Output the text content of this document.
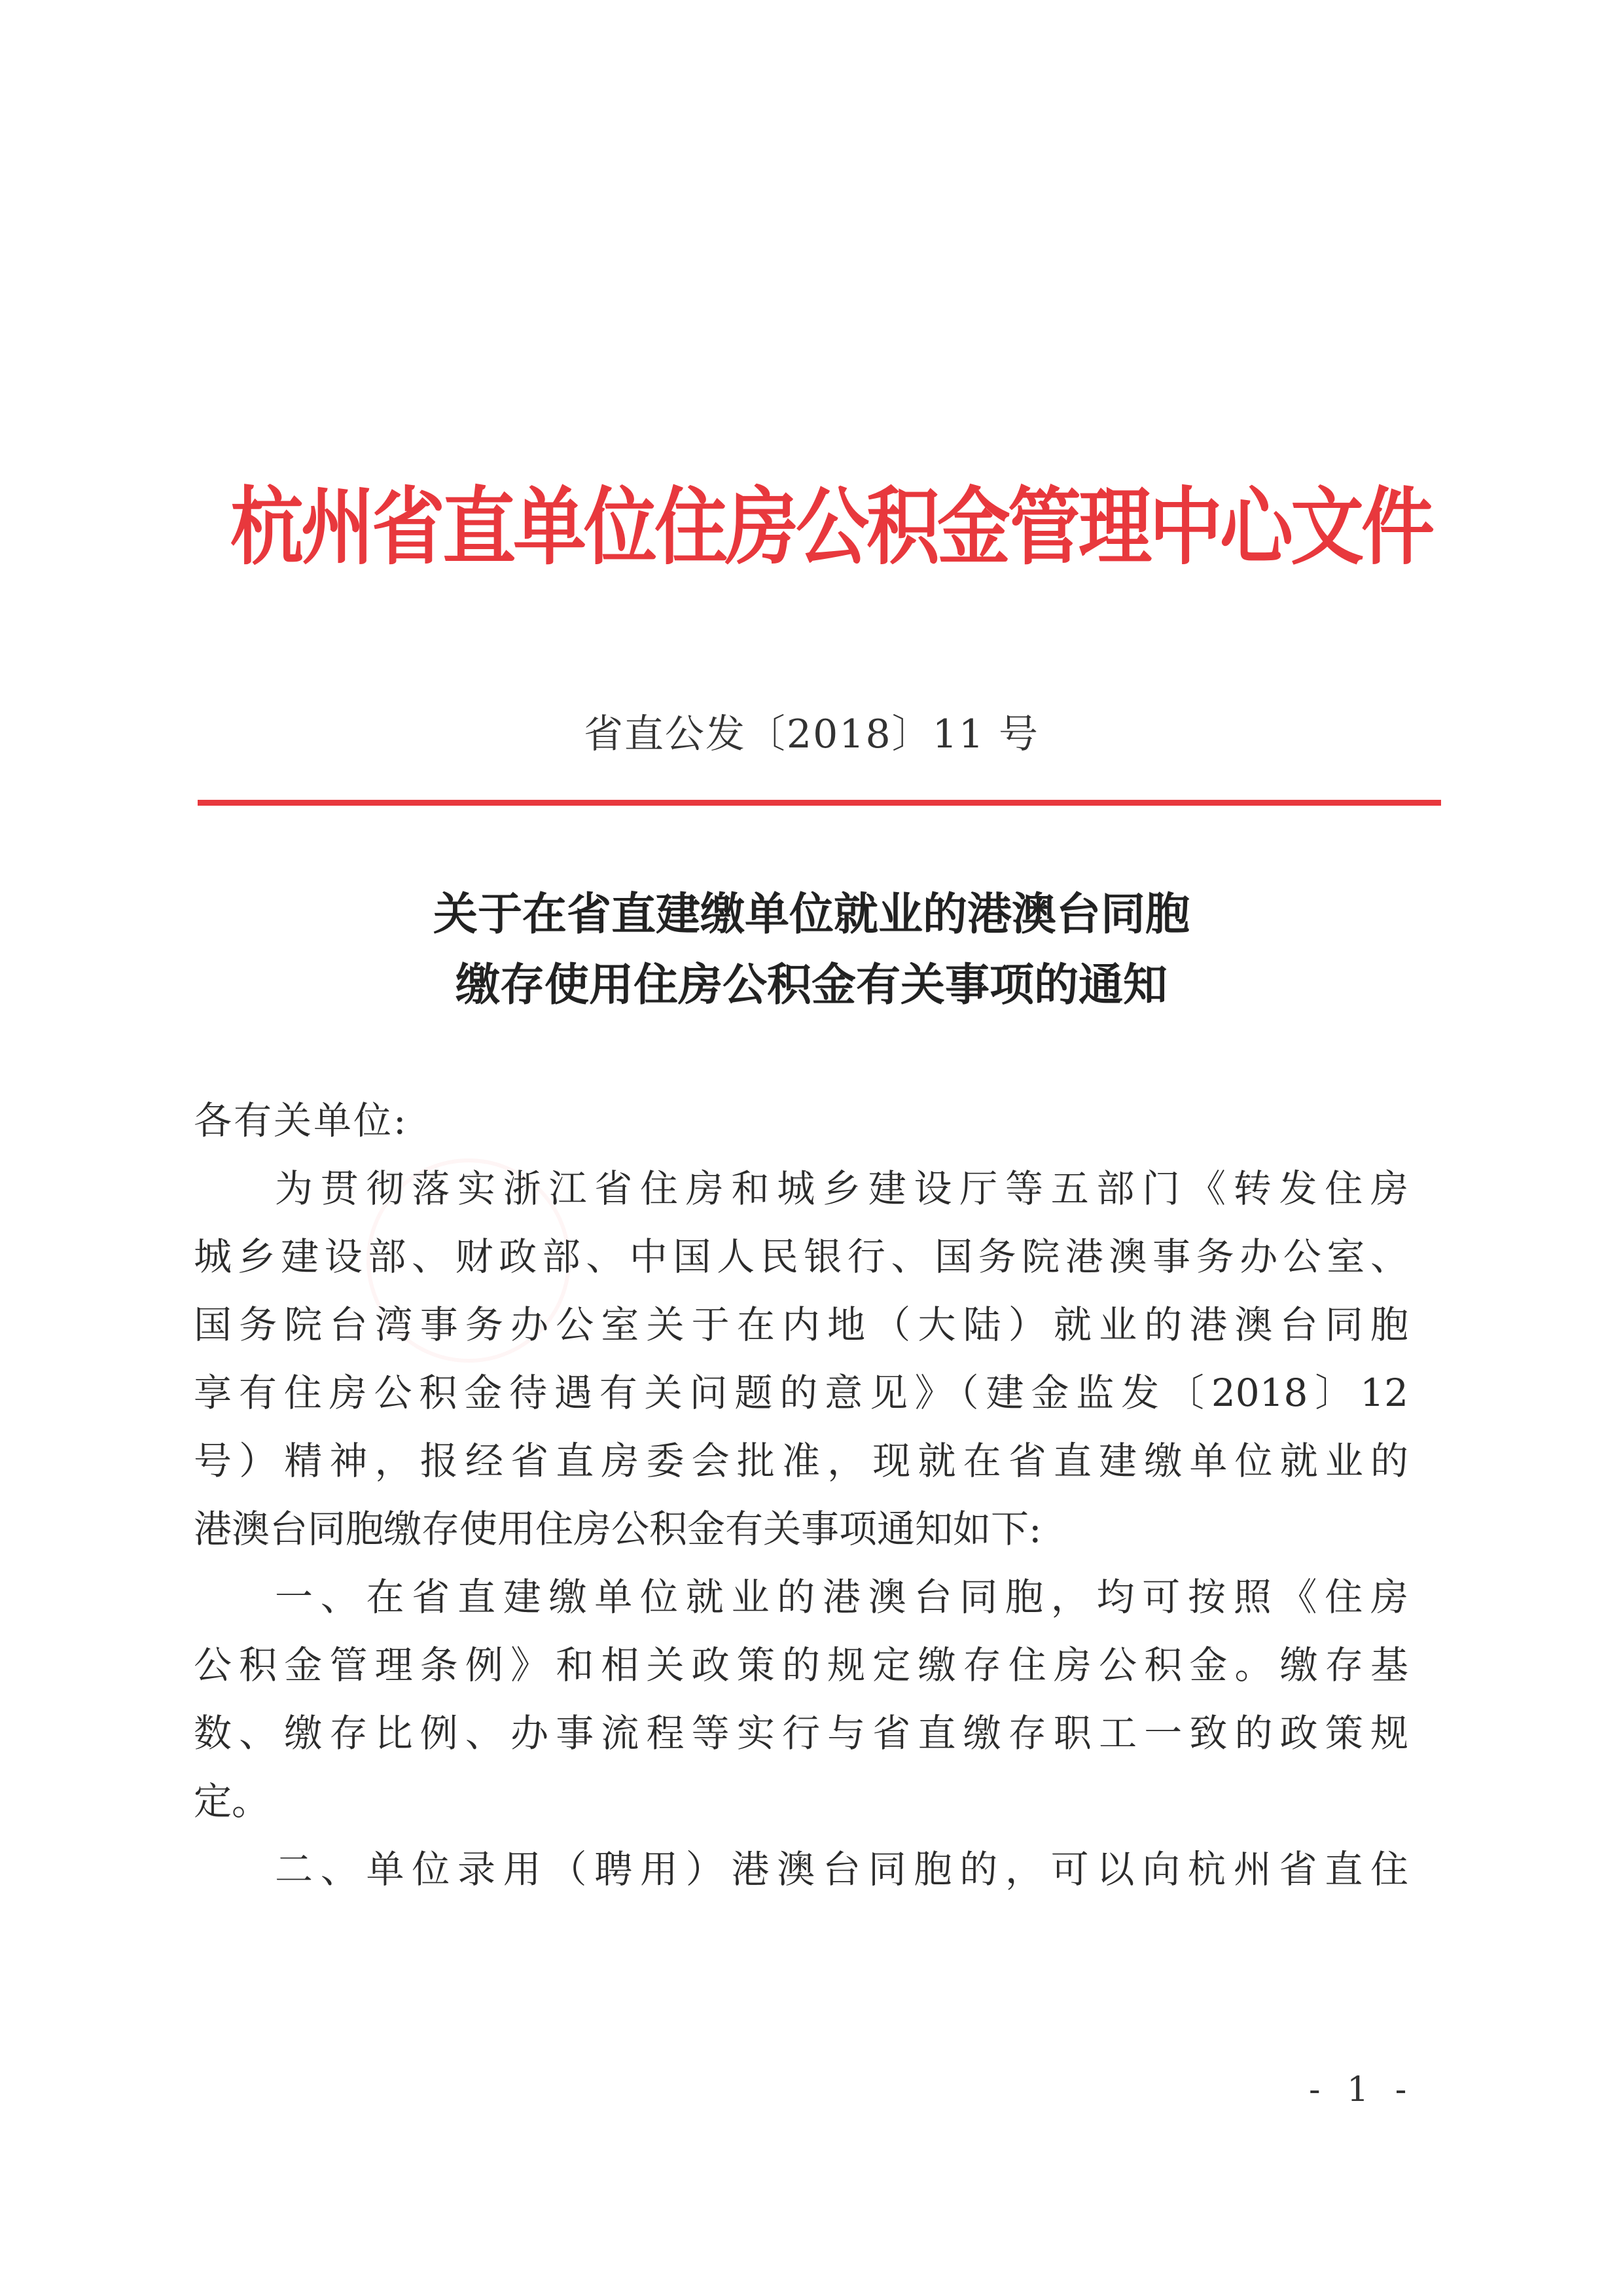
杭州省直单位住房公积金管理中心文件
省直公发〔2018〕11 号
关于在省直建缴单位就业的港澳台同胞
缴存使用住房公积金有关事项的通知
各有关单位:
为贯彻落实浙江省住房和城乡建设厅等五部门《转发住房
城乡建设部、财政部、中国人民银行、国务院港澳事务办公室、
国务院台湾事务办公室关于在内地（大陆）就业的港澳台同胞
享有住房公积金待遇有关问题的意见》（建金监发〔2018〕12
号）精神，报经省直房委会批准，现就在省直建缴单位就业的
港澳台同胞缴存使用住房公积金有关事项通知如下:
一、在省直建缴单位就业的港澳台同胞，均可按照《住房
公积金管理条例》和相关政策的规定缴存住房公积金。缴存基
数、缴存比例、办事流程等实行与省直缴存职工一致的政策规
定。
二、单位录用（聘用）港澳台同胞的，可以向杭州省直住
- 1 -
